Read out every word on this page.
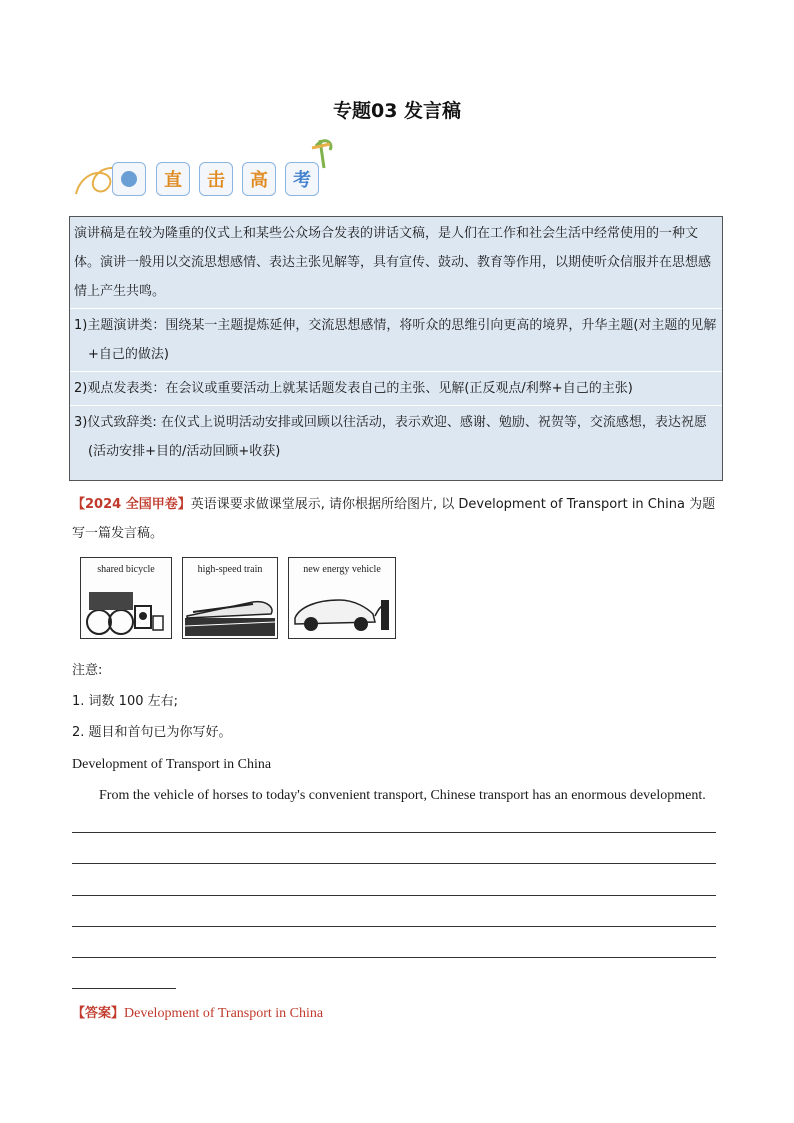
专题03 发言稿
直	击	高	考
演讲稿是在较为隆重的仪式上和某些公众场合发表的讲话文稿，是人们在工作和社会生活中经常使用的一种文体。演讲一般用以交流思想感情、表达主张见解等，具有宣传、鼓动、教育等作用，以期使听众信服并在思想感情上产生共鸣。
1)主题演讲类：围绕某一主题提炼延伸，交流思想感情，将听众的思维引向更高的境界，升华主题(对主题的见解+自己的做法)
2)观点发表类：在会议或重要活动上就某话题发表自己的主张、见解(正反观点/利弊+自己的主张)
3)仪式致辞类: 在仪式上说明活动安排或回顾以往活动，表示欢迎、感谢、勉励、祝贺等，交流感想，表达祝愿(活动安排+目的/活动回顾+收获)
【2024 全国甲卷】英语课要求做课堂展示, 请你根据所给图片, 以 Development of Transport in China 为题写一篇发言稿。
shared bicycle	high-speed train	new energy vehicle
注意:
1. 词数 100 左右;
2. 题目和首句已为你写好。
Development of Transport in China
From the vehicle of horses to today's convenient transport, Chinese transport has an enormous development.
【答案】Development of Transport in China
